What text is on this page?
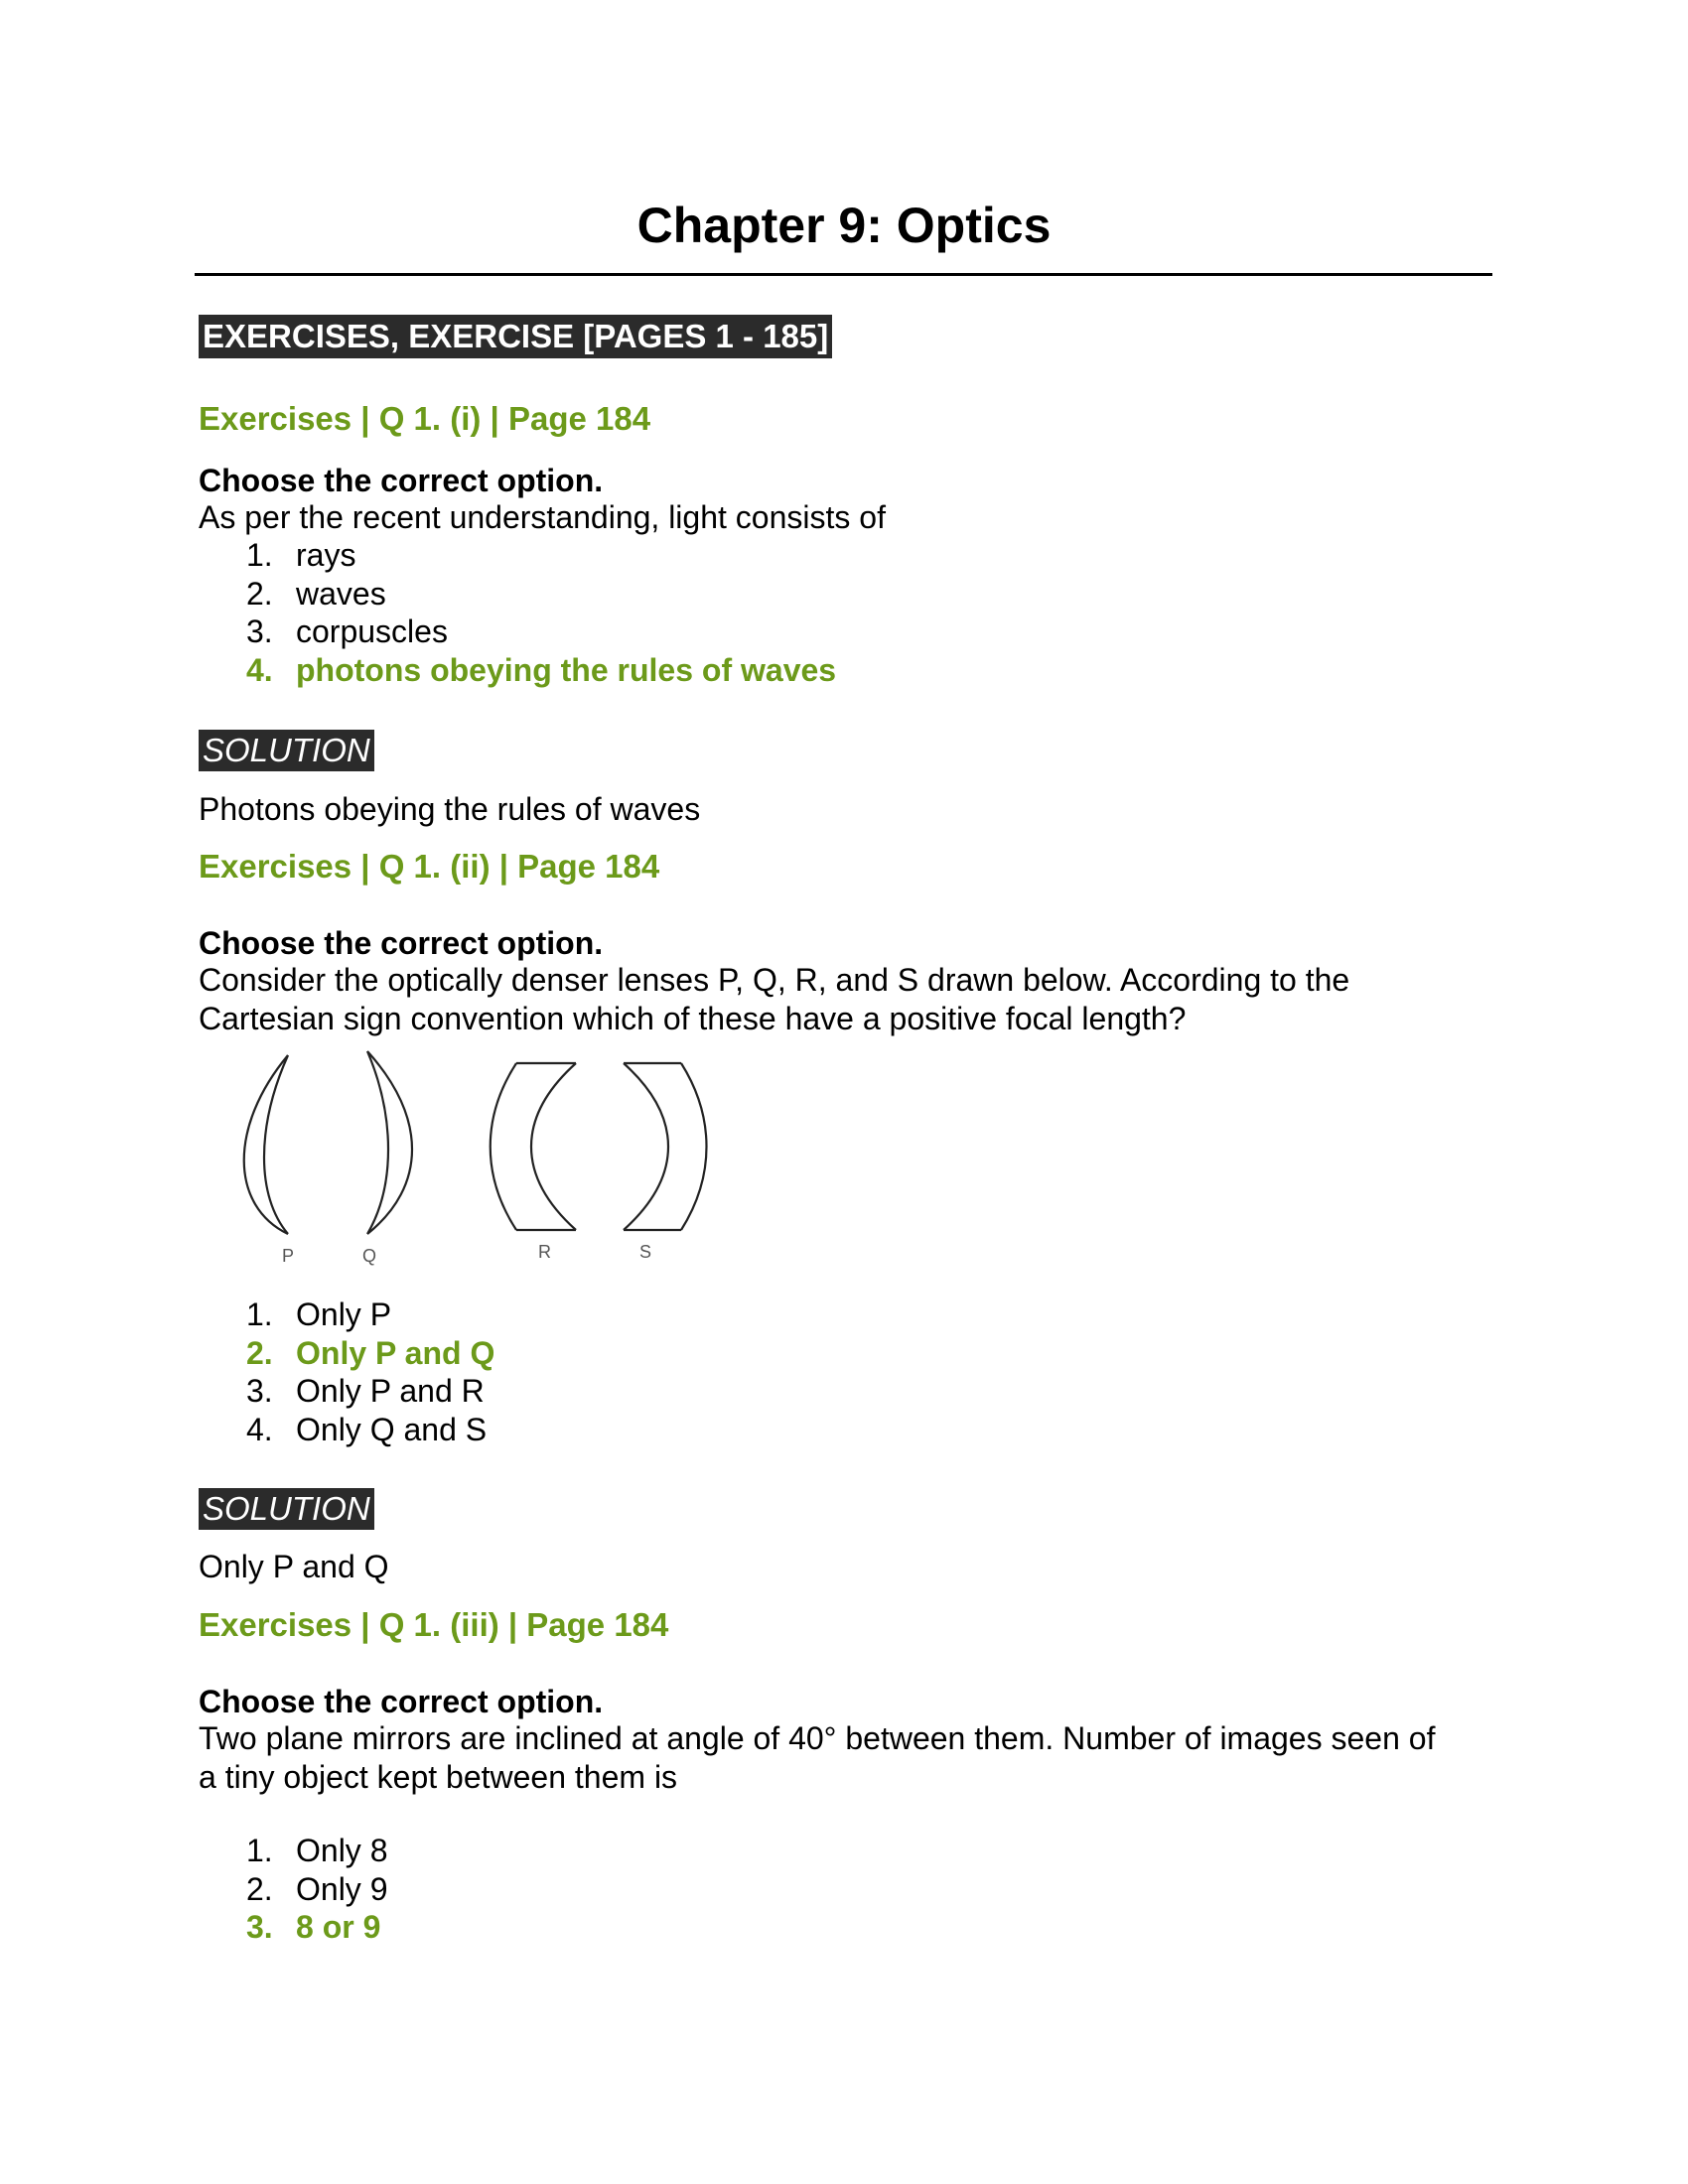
Chapter 9: Optics
EXERCISES, EXERCISE [PAGES 1 - 185]
Exercises | Q 1. (i) | Page 184
Choose the correct option.
As per the recent understanding, light consists of
1. rays
2. waves
3. corpuscles
4. photons obeying the rules of waves
SOLUTION
Photons obeying the rules of waves
Exercises | Q 1. (ii) | Page 184
Choose the correct option.
Consider the optically denser lenses P, Q, R, and S drawn below. According to the
Cartesian sign convention which of these have a positive focal length?
P	Q	R	S
1. Only P
2. Only P and Q
3. Only P and R
4. Only Q and S
SOLUTION
Only P and Q
Exercises | Q 1. (iii) | Page 184
Choose the correct option.
Two plane mirrors are inclined at angle of 40° between them. Number of images seen of
a tiny object kept between them is
1. Only 8
2. Only 9
3. 8 or 9
